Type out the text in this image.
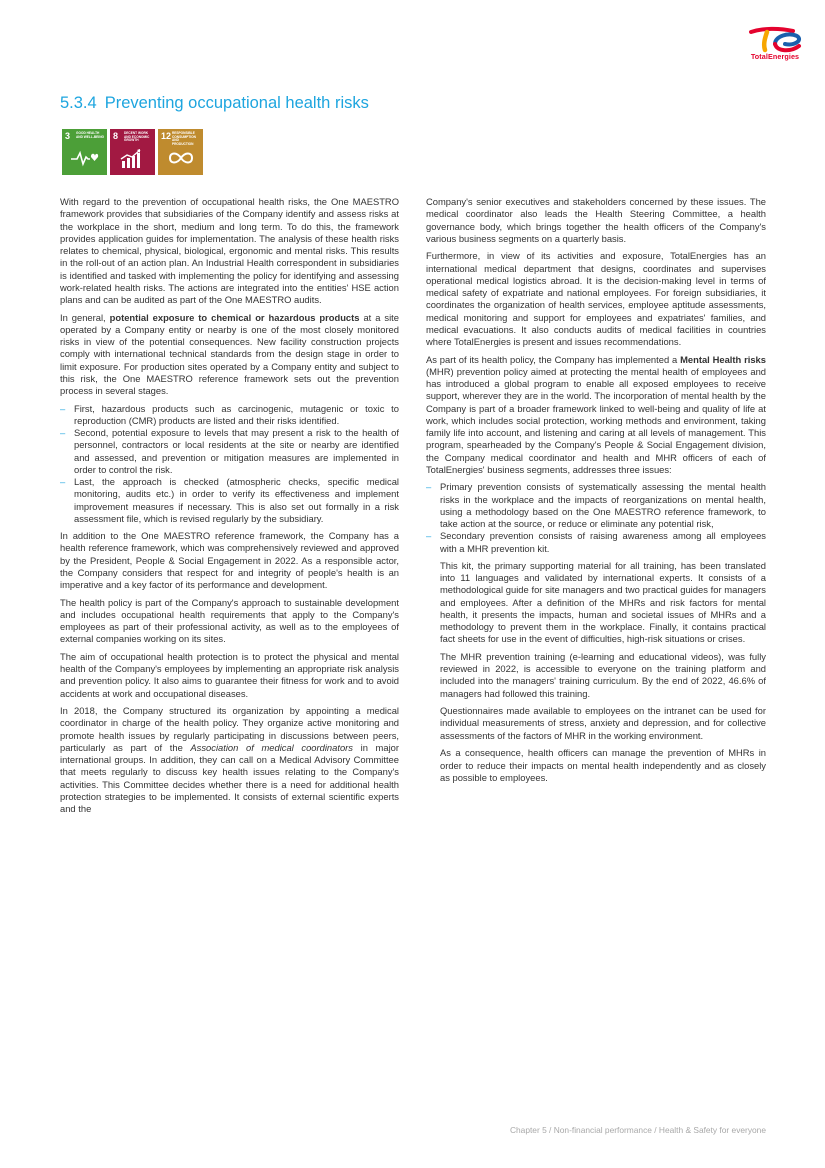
TotalEnergies
5.3.4 Preventing occupational health risks
3 GOOD HEALTH AND WELL-BEING 8 DECENT WORK AND ECONOMIC GROWTH	12 RESPONSIBLE CONSUMPTION AND PRODUCTION

With regard to the prevention of occupational health risks, the One MAESTRO framework provides that subsidiaries of the Company identify and assess risks at the workplace in the short, medium and long term. To do this, the framework provides application guides for implementation. The analysis of these health risks relates to chemical, physical, biological, ergonomic and mental risks. This results in the roll-out of an action plan. An Industrial Health correspondent in subsidiaries is identified and tasked with implementing the policy for identifying and assessing work-related health risks. The actions are integrated into the entities' HSE action plans and can be audited as part of the One MAESTRO audits.

In general, potential exposure to chemical or hazardous products at a site operated by a Company entity or nearby is one of the most closely monitored risks in view of the potential consequences. New facility construction projects comply with international technical standards from the design stage in order to limit exposure. For production sites operated by a Company entity and subject to this risk, the One MAESTRO reference framework sets out the prevention process in several stages.

– First, hazardous products such as carcinogenic, mutagenic or toxic to reproduction (CMR) products are listed and their risks identified.
– Second, potential exposure to levels that may present a risk to the health of personnel, contractors or local residents at the site or nearby are identified and assessed, and prevention or mitigation measures are implemented in order to control the risk.
– Last, the approach is checked (atmospheric checks, specific medical monitoring, audits etc.) in order to verify its effectiveness and implement improvement measures if necessary. This is also set out formally in a risk assessment file, which is revised regularly by the subsidiary.

In addition to the One MAESTRO reference framework, the Company has a health reference framework, which was comprehensively reviewed and approved by the President, People & Social Engagement in 2022. As a responsible actor, the Company considers that respect for and integrity of people's health is an imperative and a key factor of its performance and development.

The health policy is part of the Company's approach to sustainable development and includes occupational health requirements that apply to the Company's employees as part of their professional activity, as well as to the employees of external companies working on its sites.

The aim of occupational health protection is to protect the physical and mental health of the Company's employees by implementing an appropriate risk analysis and prevention policy. It also aims to guarantee their fitness for work and to avoid accidents at work and occupational diseases.

In 2018, the Company structured its organization by appointing a medical coordinator in charge of the health policy. They organize active monitoring and promote health issues by regularly participating in discussions between peers, particularly as part of the Association of medical coordinators in major international groups. In addition, they can call on a Medical Advisory Committee that meets regularly to discuss key health issues relating to the Company's activities. This Committee decides whether there is a need for additional health protection strategies to be implemented. It consists of external scientific experts and the

Company's senior executives and stakeholders concerned by these issues. The medical coordinator also leads the Health Steering Committee, a health governance body, which brings together the health officers of the Company's various business segments on a quarterly basis.

Furthermore, in view of its activities and exposure, TotalEnergies has an international medical department that designs, coordinates and supervises operational medical logistics abroad. It is the decision-making level in terms of medical safety of expatriate and national employees. For foreign subsidiaries, it coordinates the organization of health services, employee aptitude assessments, medical monitoring and support for employees and expatriates' families, and medical evacuations. It also conducts audits of medical facilities in countries where TotalEnergies is present and issues recommendations.

As part of its health policy, the Company has implemented a Mental Health risks (MHR) prevention policy aimed at protecting the mental health of employees and has introduced a global program to enable all exposed employees to receive support, wherever they are in the world. The incorporation of mental health by the Company is part of a broader framework linked to well-being and quality of life at work, which includes social protection, working methods and environment, taking family life into account, and listening and caring at all levels of management. This program, spearheaded by the Company's People & Social Engagement division, the Company medical coordinator and health and MHR officers of each of TotalEnergies' business segments, addresses three issues:

– Primary prevention consists of systematically assessing the mental health risks in the workplace and the impacts of reorganizations on mental health, using a methodology based on the One MAESTRO reference framework, to take action at the source, or reduce or eliminate any potential risk,
– Secondary prevention consists of raising awareness among all employees with a MHR prevention kit.

This kit, the primary supporting material for all training, has been translated into 11 languages and validated by international experts. It consists of a methodological guide for site managers and two practical guides for managers and employees. After a definition of the MHRs and risk factors for mental health, it presents the impacts, human and societal issues of MHRs and a methodology to prevent them in the workplace. Finally, it contains practical fact sheets for use in the event of difficulties, high-risk situations or crises.

The MHR prevention training (e-learning and educational videos), was fully reviewed in 2022, is accessible to everyone on the training platform and included into the managers' training curriculum. By the end of 2022, 46.6% of managers had followed this training.

Questionnaires made available to employees on the intranet can be used for individual measurements of stress, anxiety and depression, and for collective assessments of the factors of MHR in the working environment.

As a consequence, health officers can manage the prevention of MHRs in order to reduce their impacts on mental health independently and as closely as possible to employees.

Chapter 5 / Non-financial performance / Health & Safety for everyone
